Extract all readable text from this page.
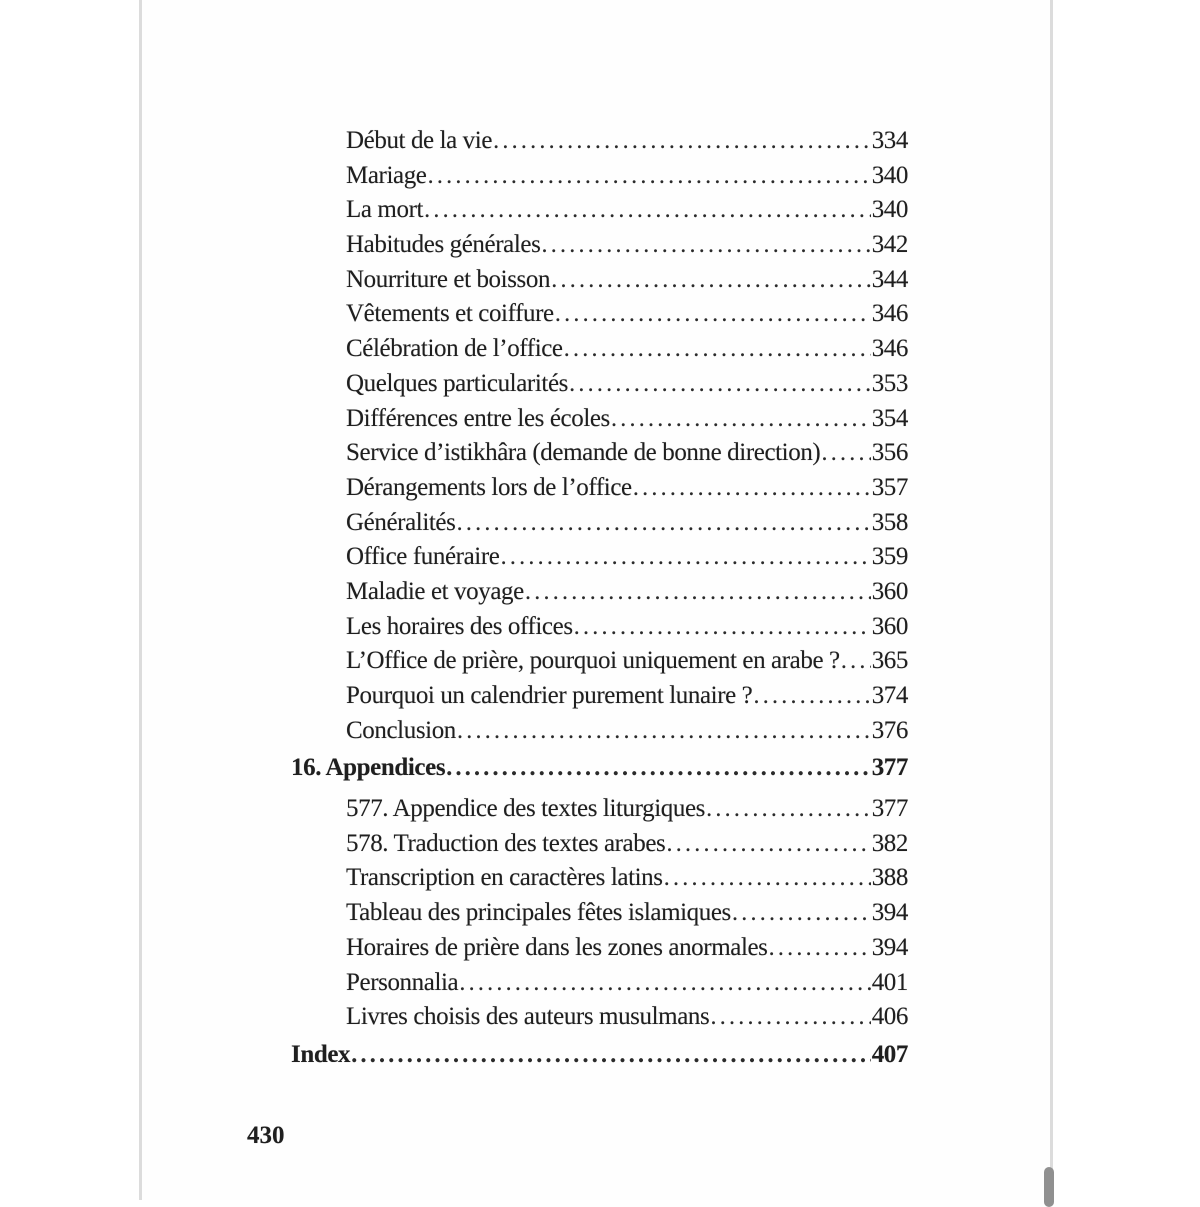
Début de la vie .....	334
Mariage .....	340
La mort .....	340
Habitudes générales .....	342
Nourriture et boisson .....	344
Vêtements et coiffure .....	346
Célébration de l’office .....	346
Quelques particularités .....	353
Différences entre les écoles .....	354
Service d’istikhâra (demande de bonne direction) ..... 356
Dérangements lors de l’office .....	357
Généralités .....	358
Office funéraire .....	359
Maladie et voyage .....	360
Les horaires des offices .....	360
L’Office de prière, pourquoi uniquement en arabe ? ..... 365
Pourquoi un calendrier purement lunaire ? .....	374
Conclusion .....	376
16. Appendices .....	377
577. Appendice des textes liturgiques .....	377
578. Traduction des textes arabes .....	382
Transcription en caractères latins .....	388
Tableau des principales fêtes islamiques .....	394
Horaires de prière dans les zones anormales .....	394
Personnalia .....	401
Livres choisis des auteurs musulmans .....	406
Index .....	407
430
